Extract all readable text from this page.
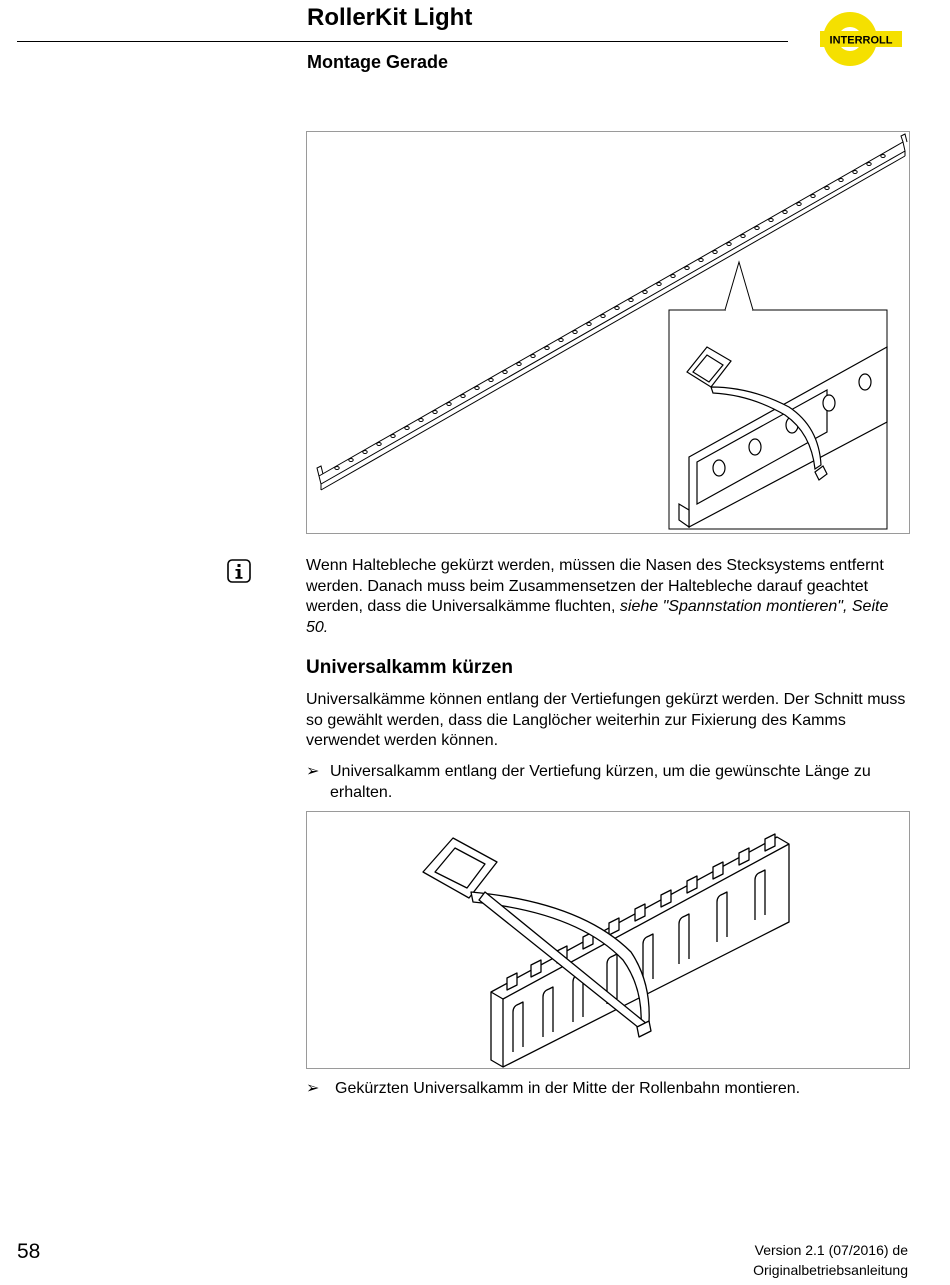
RollerKit Light
INTERROLL
Montage Gerade
Wenn Haltebleche gekürzt werden, müssen die Nasen des Stecksystems entfernt werden. Danach muss beim Zusammensetzen der Haltebleche darauf geachtet werden, dass die Universalkämme fluchten, siehe "Spannstation montieren", Seite 50.
Universalkamm kürzen
Universalkämme können entlang der Vertiefungen gekürzt werden. Der Schnitt muss so gewählt werden, dass die Langlöcher weiterhin zur Fixierung des Kamms verwendet werden können.
➢ Universalkamm entlang der Vertiefung kürzen, um die gewünschte Länge zu erhalten.
➢ Gekürzten Universalkamm in der Mitte der Rollenbahn montieren.
58	Version 2.1 (07/2016) de
Originalbetriebsanleitung
